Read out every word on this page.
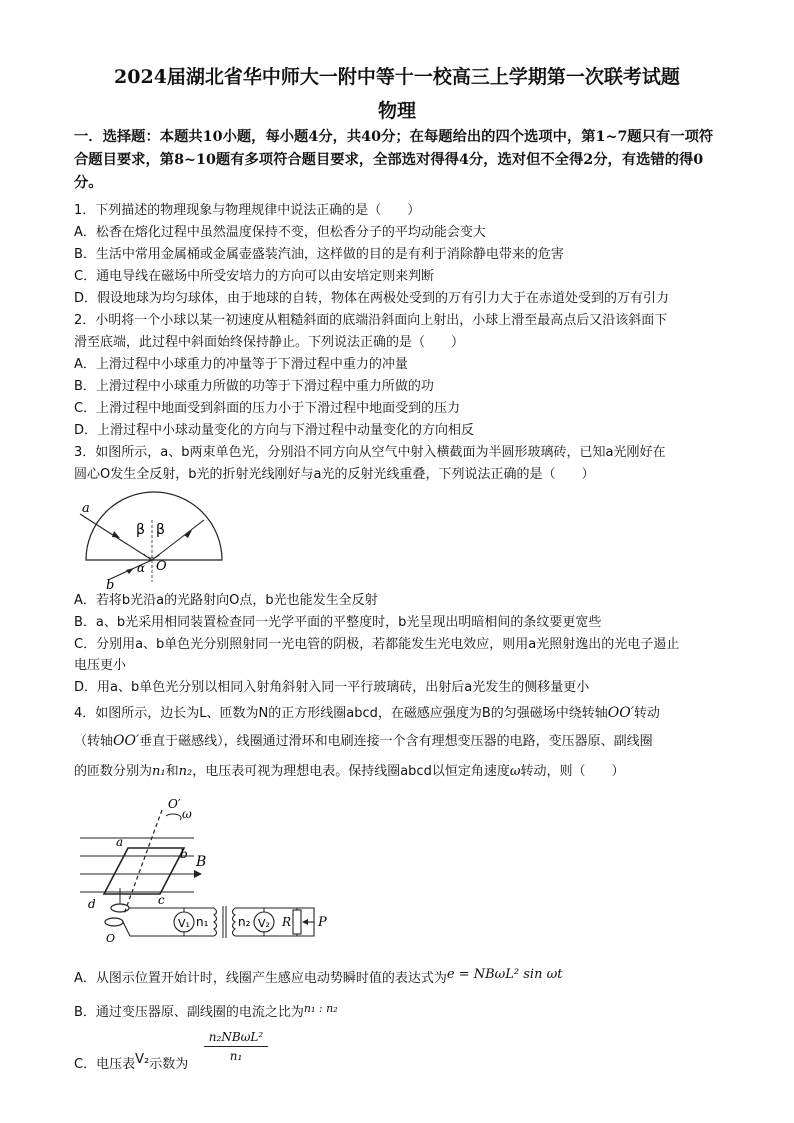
2024届湖北省华中师大一附中等十一校高三上学期第一次联考试题
物理
一．选择题：本题共10小题，每小题4分，共40分；在每题给出的四个选项中，第1~7题只有一项符合题目要求，第8~10题有多项符合题目要求，全部选对得得4分，选对但不全得2分，有选错的得0分。
1．下列描述的物理现象与物理规律中说法正确的是（　　）
A．松香在熔化过程中虽然温度保持不变，但松香分子的平均动能会变大
B．生活中常用金属桶或金属壶盛装汽油，这样做的目的是有利于消除静电带来的危害
C．通电导线在磁场中所受安培力的方向可以由安培定则来判断
D．假设地球为均匀球体，由于地球的自转，物体在两极处受到的万有引力大于在赤道处受到的万有引力
2．小明将一个小球以某一初速度从粗糙斜面的底端沿斜面向上射出，小球上滑至最高点后又沿该斜面下
滑至底端，此过程中斜面始终保持静止。下列说法正确的是（　　）
A．上滑过程中小球重力的冲量等于下滑过程中重力的冲量
B．上滑过程中小球重力所做的功等于下滑过程中重力所做的功
C．上滑过程中地面受到斜面的压力小于下滑过程中地面受到的压力
D．上滑过程中小球动量变化的方向与下滑过程中动量变化的方向相反
3．如图所示，a、b两束单色光，分别沿不同方向从空气中射入横截面为半圆形玻璃砖，已知a光刚好在
圆心O发生全反射，b光的折射光线刚好与a光的反射光线重叠，下列说法正确的是（　　）
a
b
β β
α O
A．若将b光沿a的光路射向O点，b光也能发生全反射
B．a、b光采用相同装置检查同一光学平面的平整度时，b光呈现出明暗相间的条纹要更宽些
C．分别用a、b单色光分别照射同一光电管的阴极，若都能发生光电效应，则用a光照射逸出的光电子遏止
电压更小
D．用a、b单色光分别以相同入射角斜射入同一平行玻璃砖，出射后a光发生的侧移量更小
4．如图所示，边长为L、匝数为N的正方形线圈abcd，在磁感应强度为B的匀强磁场中绕转轴OO′转动
（转轴OO′垂直于磁感线），线圈通过滑环和电刷连接一个含有理想变压器的电路，变压器原、副线圈
的匝数分别为n₁和n₂，电压表可视为理想电表。保持线圈abcd以恒定角速度ω转动，则（　　）
O′
ω
a
b B
c
d
O
V₁ n₁ n₂ V₂ R P
A．从图示位置开始计时，线圈产生感应电动势瞬时值的表达式为e = NBωL² sin ωt
B．通过变压器原、副线圈的电流之比为$^{n_1 : n_2}$
C．电压表V₂示数为
n₂NBωL²
n₁
